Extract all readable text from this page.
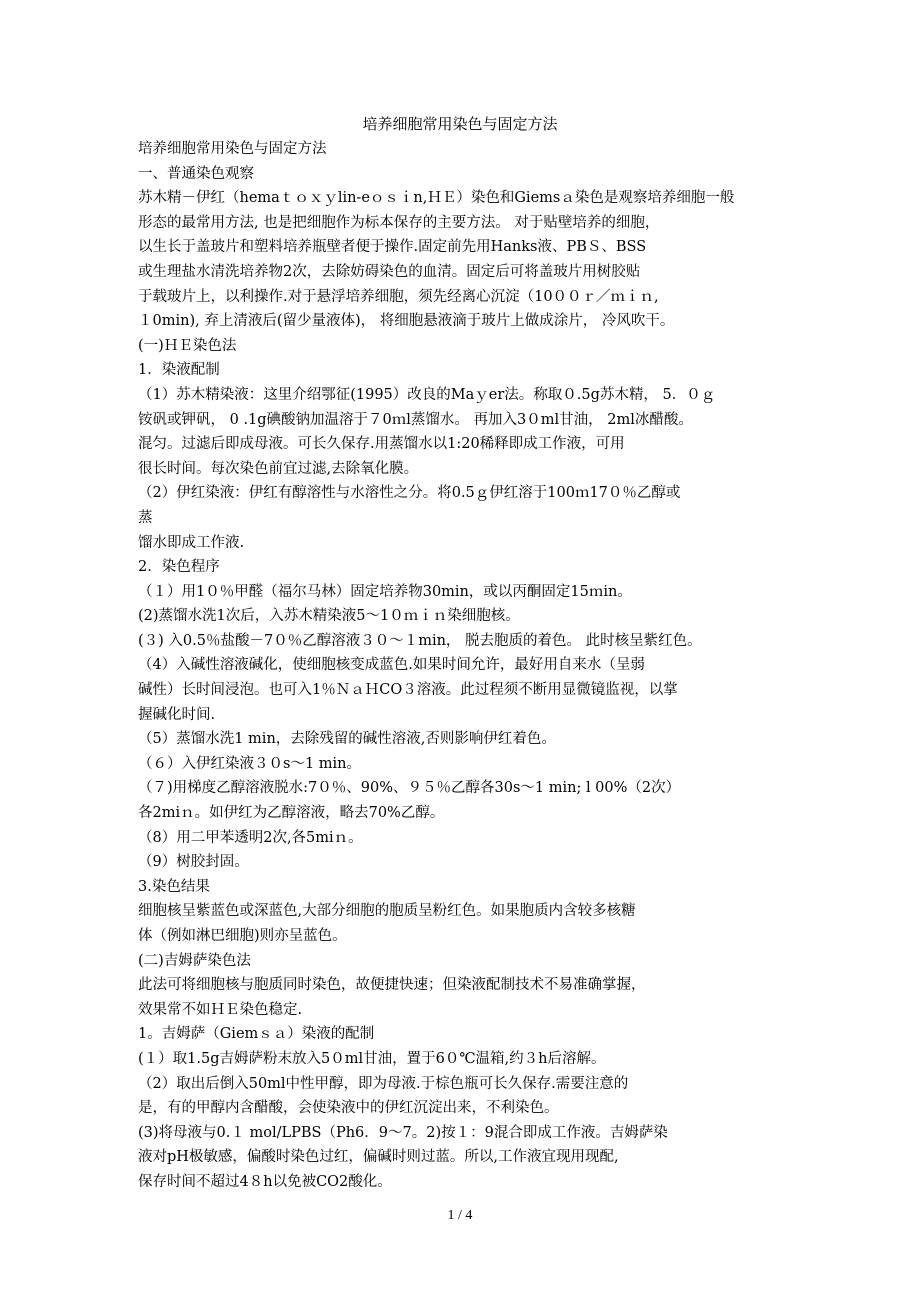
培养细胞常用染色与固定方法
培养细胞常用染色与固定方法
一、普通染色观察
苏木精－伊红（hemaｔｏｘｙlin-eｏｓｉn,ＨＥ）染色和Giemsａ染色是观察培养细胞一般
形态的最常用方法, 也是把细胞作为标本保存的主要方法。 对于贴壁培养的细胞，
以生长于盖玻片和塑料培养瓶壁者便于操作.固定前先用Hanks液、PBＳ、BSS
或生理盐水清洗培养物2次，去除妨碍染色的血清。固定后可将盖玻片用树胶贴
于载玻片上，以利操作.对于悬浮培养细胞，须先经离心沉淀（10００ｒ／ｍｉｎ,
１0min), 弃上清液后(留少量液体)， 将细胞悬液滴于玻片上做成涂片， 冷风吹干。
(一)ＨＥ染色法
1．染液配制
（1）苏木精染液：这里介绍鄂征(1995）改良的Maｙer法。称取０.5g苏木精， 5．０ｇ
铵矾或钾矾， 0 .1g碘酸钠加温溶于７0ｍl蒸馏水。 再加入3０ml甘油， 2ml冰醋酸。
混匀。过滤后即成母液。可长久保存.用蒸馏水以1:20稀释即成工作液，可用
很长时间。每次染色前宜过滤,去除氧化膜。
（2）伊红染液：伊红有醇溶性与水溶性之分。将0.5ｇ伊红溶于100ｍ17０％乙醇或
蒸
馏水即成工作液.
2．染色程序
（１）用1０％甲醛（福尔马林）固定培养物30min，或以丙酮固定15ｍin。
(2)蒸馏水洗1次后，入苏木精染液5～1０ｍｉｎ染细胞核。
(３) 入0.5％盐酸－7０％乙醇溶液３０～１min， 脱去胞质的着色。 此时核呈紫红色。
（4）入碱性溶液碱化，使细胞核变成蓝色.如果时间允许，最好用自来水（呈弱
碱性）长时间浸泡。也可入1％ＮａＨCO３溶液。此过程须不断用显微镜监视，以掌
握碱化时间.
（5）蒸馏水洗1 min，去除残留的碱性溶液,否则影响伊红着色。
（６）入伊红染液３０s～1 min。
（７)用梯度乙醇溶液脱水:7０％、90%、９５％乙醇各30s～1 min; l 00%（2次）
各2miｎ。如伊红为乙醇溶液，略去70%乙醇。
（8）用二甲苯透明2次,各5miｎ。
（9）树胶封固。
3.染色结果
细胞核呈紫蓝色或深蓝色,大部分细胞的胞质呈粉红色。如果胞质内含较多核糖
体（例如淋巴细胞)则亦呈蓝色。
(二)吉姆萨染色法
此法可将细胞核与胞质同时染色，故便捷快速；但染液配制技术不易准确掌握，
效果常不如ＨＥ染色稳定.
1。吉姆萨（Giemｓａ）染液的配制
(１）取1.5g吉姆萨粉末放入5０ml甘油，置于6０℃温箱,约３h后溶解。
（2）取出后倒入50ml中性甲醇，即为母液.于棕色瓶可长久保存.需要注意的
是，有的甲醇内含醋酸，会使染液中的伊红沉淀出来，不利染色。
(3)将母液与0.１ mol/LPBS（Ph6．9～7。2)按１：9混合即成工作液。吉姆萨染
液对pH极敏感，偏酸时染色过红，偏碱时则过蓝。所以,工作液宜现用现配,
保存时间不超过4８h以免被CO2酸化。
1 / 4
